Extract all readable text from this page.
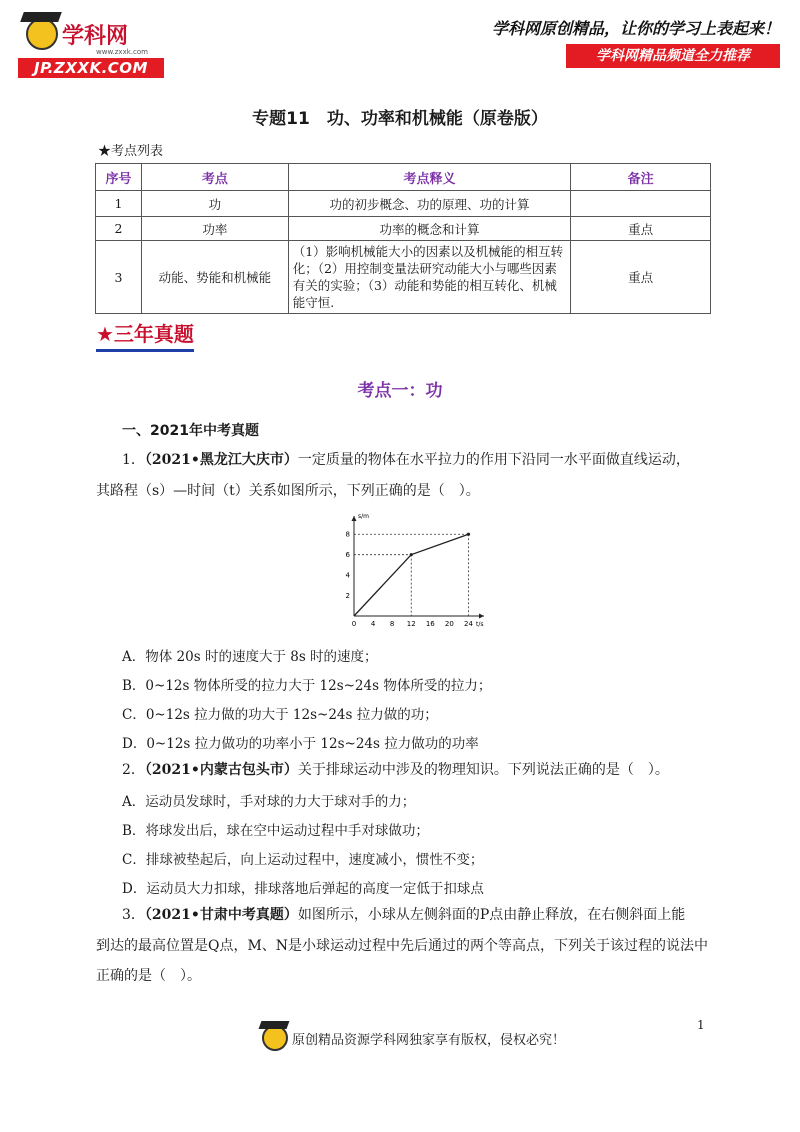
学科网
www.zxxk.com
JP.ZXXK.COM
学科网原创精品，让你的学习上表起来！
学科网精品频道全力推荐
专题11　功、功率和机械能（原卷版）
★考点列表
序号	考点	考点释义	备注
1	功	功的初步概念、功的原理、功的计算	
2	功率	功率的概念和计算	重点
3	动能、势能和机械能	（1）影响机械能大小的因素以及机械能的相互转化；（2）用控制变量法研究动能大小与哪些因素有关的实验；（3）动能和势能的相互转化、机械能守恒.	重点
★三年真题
考点一：功
一、2021年中考真题
1．（2021•黑龙江大庆市）一定质量的物体在水平拉力的作用下沿同一水平面做直线运动，
其路程（s）—时间（t）关系如图所示，下列正确的是（　）。
s/m
t/s
0 4 8 12 16 20 24
2
4
6
8
A．物体 20s 时的速度大于 8s 时的速度；
B．0~12s 物体所受的拉力大于 12s~24s 物体所受的拉力；
C．0~12s 拉力做的功大于 12s~24s 拉力做的功；
D．0~12s 拉力做功的功率小于 12s~24s 拉力做功的功率
2．（2021•内蒙古包头市）关于排球运动中涉及的物理知识。下列说法正确的是（　）。
A．运动员发球时，手对球的力大于球对手的力；
B．将球发出后，球在空中运动过程中手对球做功；
C．排球被垫起后，向上运动过程中，速度减小，惯性不变；
D．运动员大力扣球，排球落地后弹起的高度一定低于扣球点
3．（2021•甘肃中考真题）如图所示，小球从左侧斜面的P点由静止释放，在右侧斜面上能
到达的最高位置是Q点，M、N是小球运动过程中先后通过的两个等高点，下列关于该过程的说法中
正确的是（　）。
原创精品资源学科网独家享有版权，侵权必究！
1
